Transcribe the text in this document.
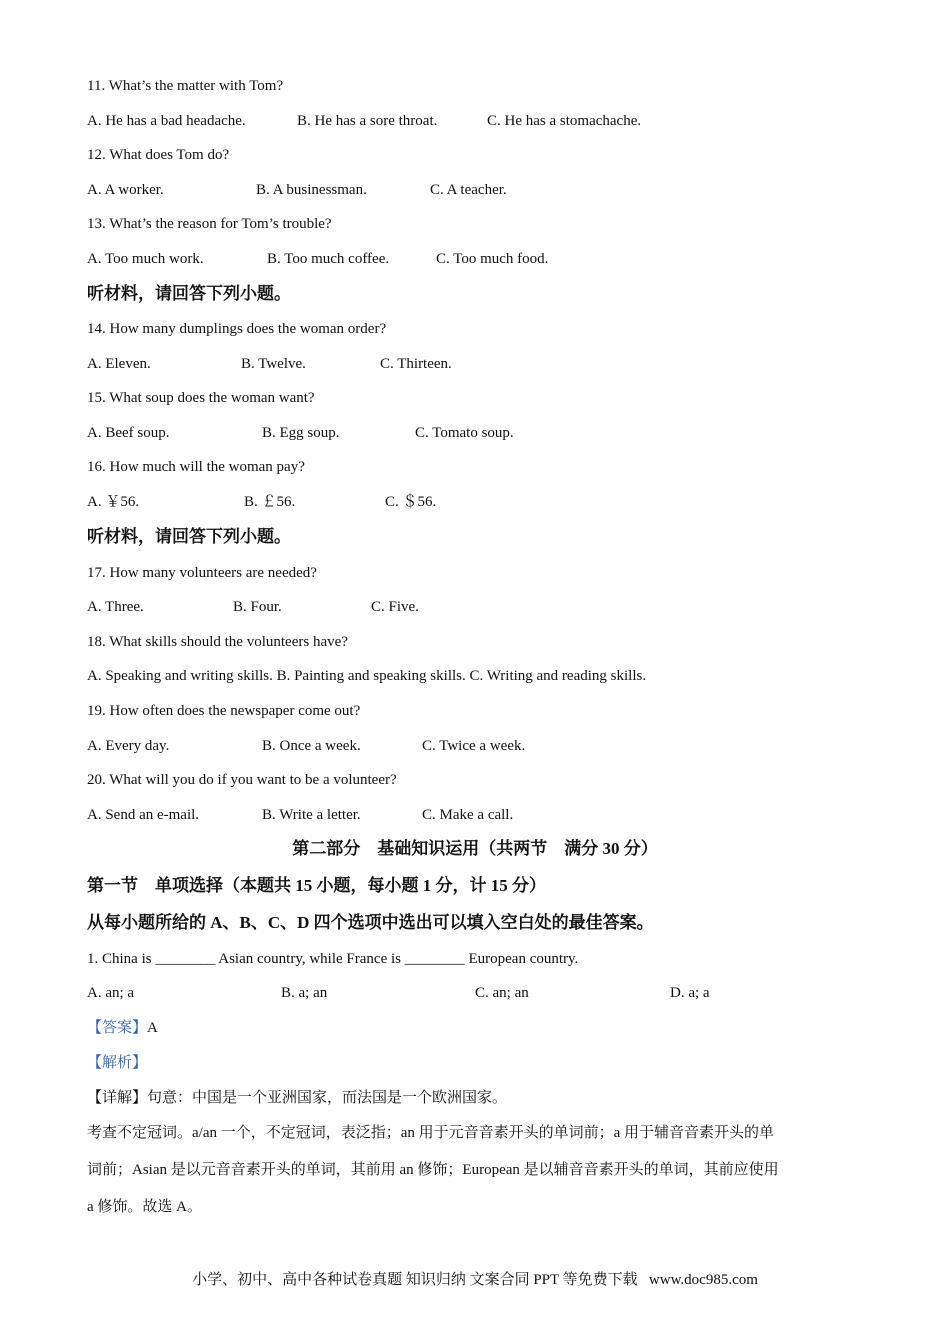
11. What’s the matter with Tom?
A. He has a bad headache.	B. He has a sore throat.	C. He has a stomachache.
12. What does Tom do?
A. A worker.	B. A businessman.	C. A teacher.
13. What’s the reason for Tom’s trouble?
A. Too much work.	B. Too much coffee.	C. Too much food.
听材料，请回答下列小题。
14. How many dumplings does the woman order?
A. Eleven.	B. Twelve.	C. Thirteen.
15. What soup does the woman want?
A. Beef soup.	B. Egg soup.	C. Tomato soup.
16. How much will the woman pay?
A. ￥56.	B. ￡56.	C. ＄56.
听材料，请回答下列小题。
17. How many volunteers are needed?
A. Three.	B. Four.	C. Five.
18. What skills should the volunteers have?
A. Speaking and writing skills. B. Painting and speaking skills. C. Writing and reading skills.
19. How often does the newspaper come out?
A. Every day.	B. Once a week.	C. Twice a week.
20. What will you do if you want to be a volunteer?
A. Send an e-mail.	B. Write a letter.	C. Make a call.
第二部分    基础知识运用（共两节    满分 30 分）
第一节    单项选择（本题共 15 小题，每小题 1 分，计 15 分）
从每小题所给的 A、B、C、D 四个选项中选出可以填入空白处的最佳答案。
1. China is ________ Asian country, while France is ________ European country.
A. an; a	B. a; an	C. an; an	D. a; a
【答案】A
【解析】
【详解】句意：中国是一个亚洲国家，而法国是一个欧洲国家。
考查不定冠词。a/an 一个，不定冠词，表泛指；an 用于元音音素开头的单词前；a 用于辅音音素开头的单
词前；Asian 是以元音音素开头的单词，其前用 an 修饰；European 是以辅音音素开头的单词，其前应使用
a 修饰。故选 A。
小学、初中、高中各种试卷真题 知识归纳 文案合同 PPT 等免费下载   www.doc985.com
